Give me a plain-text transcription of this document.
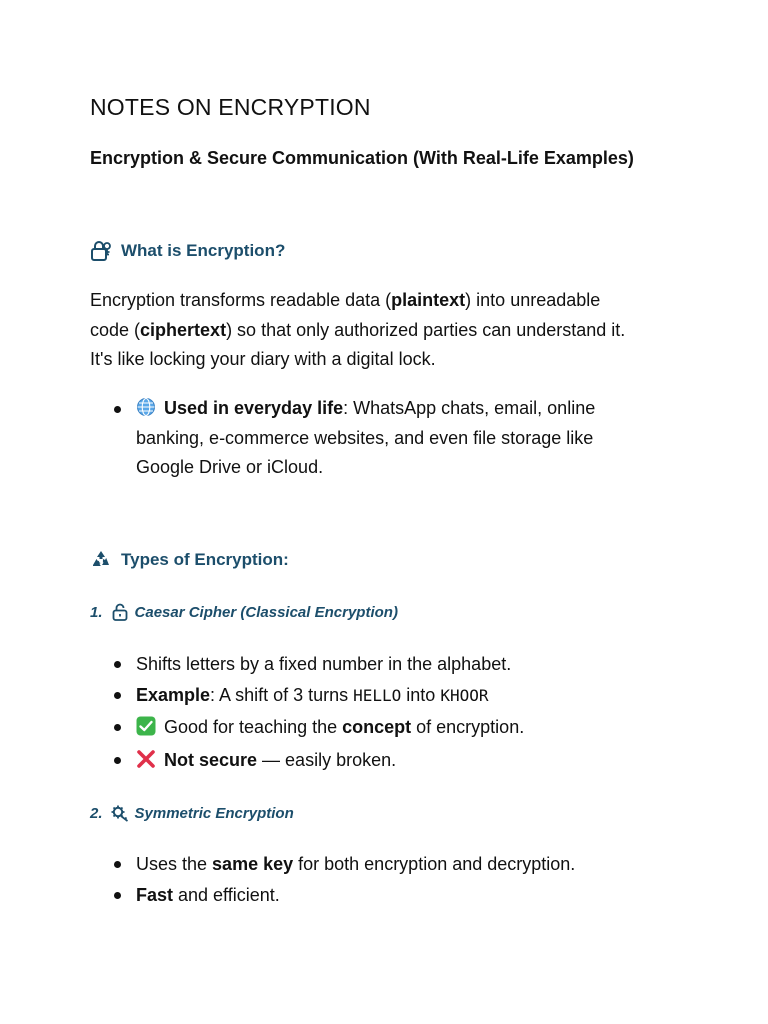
NOTES ON ENCRYPTION
Encryption & Secure Communication (With Real-Life Examples)
What is Encryption?
Encryption transforms readable data (plaintext) into unreadable
code (ciphertext) so that only authorized parties can understand it.
It's like locking your diary with a digital lock.
Used in everyday life: WhatsApp chats, email, online
banking, e-commerce websites, and even file storage like
Google Drive or iCloud.
Types of Encryption:
1. Caesar Cipher (Classical Encryption)
Shifts letters by a fixed number in the alphabet.
Example: A shift of 3 turns HELLO into KHOOR
Good for teaching the concept of encryption.
Not secure — easily broken.
2. Symmetric Encryption
Uses the same key for both encryption and decryption.
Fast and efficient.
